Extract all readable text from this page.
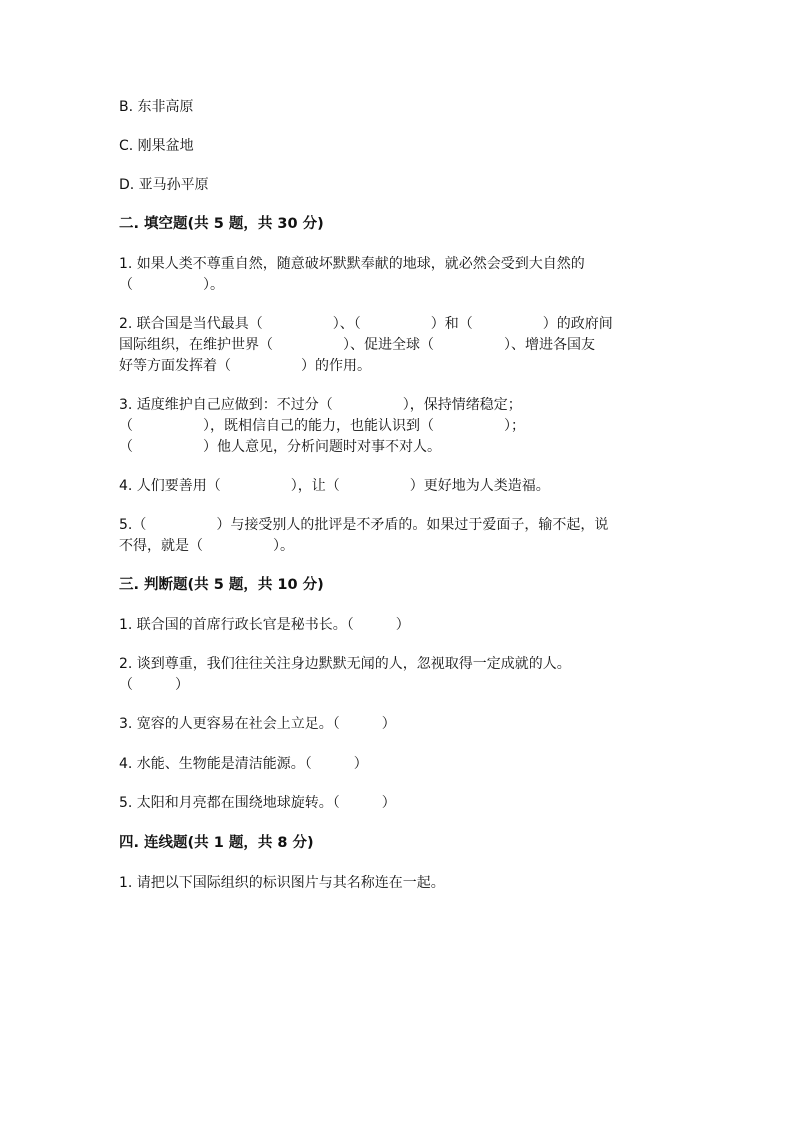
B. 东非高原
C. 刚果盆地
D. 亚马孙平原
二. 填空题(共 5 题，共 30 分)
1. 如果人类不尊重自然，随意破坏默默奉献的地球，就必然会受到大自然的
（　　　　　）。
2. 联合国是当代最具（　　　　　）、（　　　　　）和（　　　　　）的政府间
国际组织，在维护世界（　　　　　）、促进全球（　　　　　）、增进各国友
好等方面发挥着（　　　　　）的作用。
3. 适度维护自己应做到：不过分（　　　　　），保持情绪稳定；
（　　　　　），既相信自己的能力，也能认识到（　　　　　）；
（　　　　　）他人意见，分析问题时对事不对人。
4. 人们要善用（　　　　　），让（　　　　　）更好地为人类造福。
5.（　　　　　）与接受别人的批评是不矛盾的。如果过于爱面子，输不起，说
不得，就是（　　　　　）。
三. 判断题(共 5 题，共 10 分)
1. 联合国的首席行政长官是秘书长。（　　　）
2. 谈到尊重，我们往往关注身边默默无闻的人，忽视取得一定成就的人。
（　　　）
3. 宽容的人更容易在社会上立足。（　　　）
4. 水能、生物能是清洁能源。（　　　）
5. 太阳和月亮都在围绕地球旋转。（　　　）
四. 连线题(共 1 题，共 8 分)
1. 请把以下国际组织的标识图片与其名称连在一起。
